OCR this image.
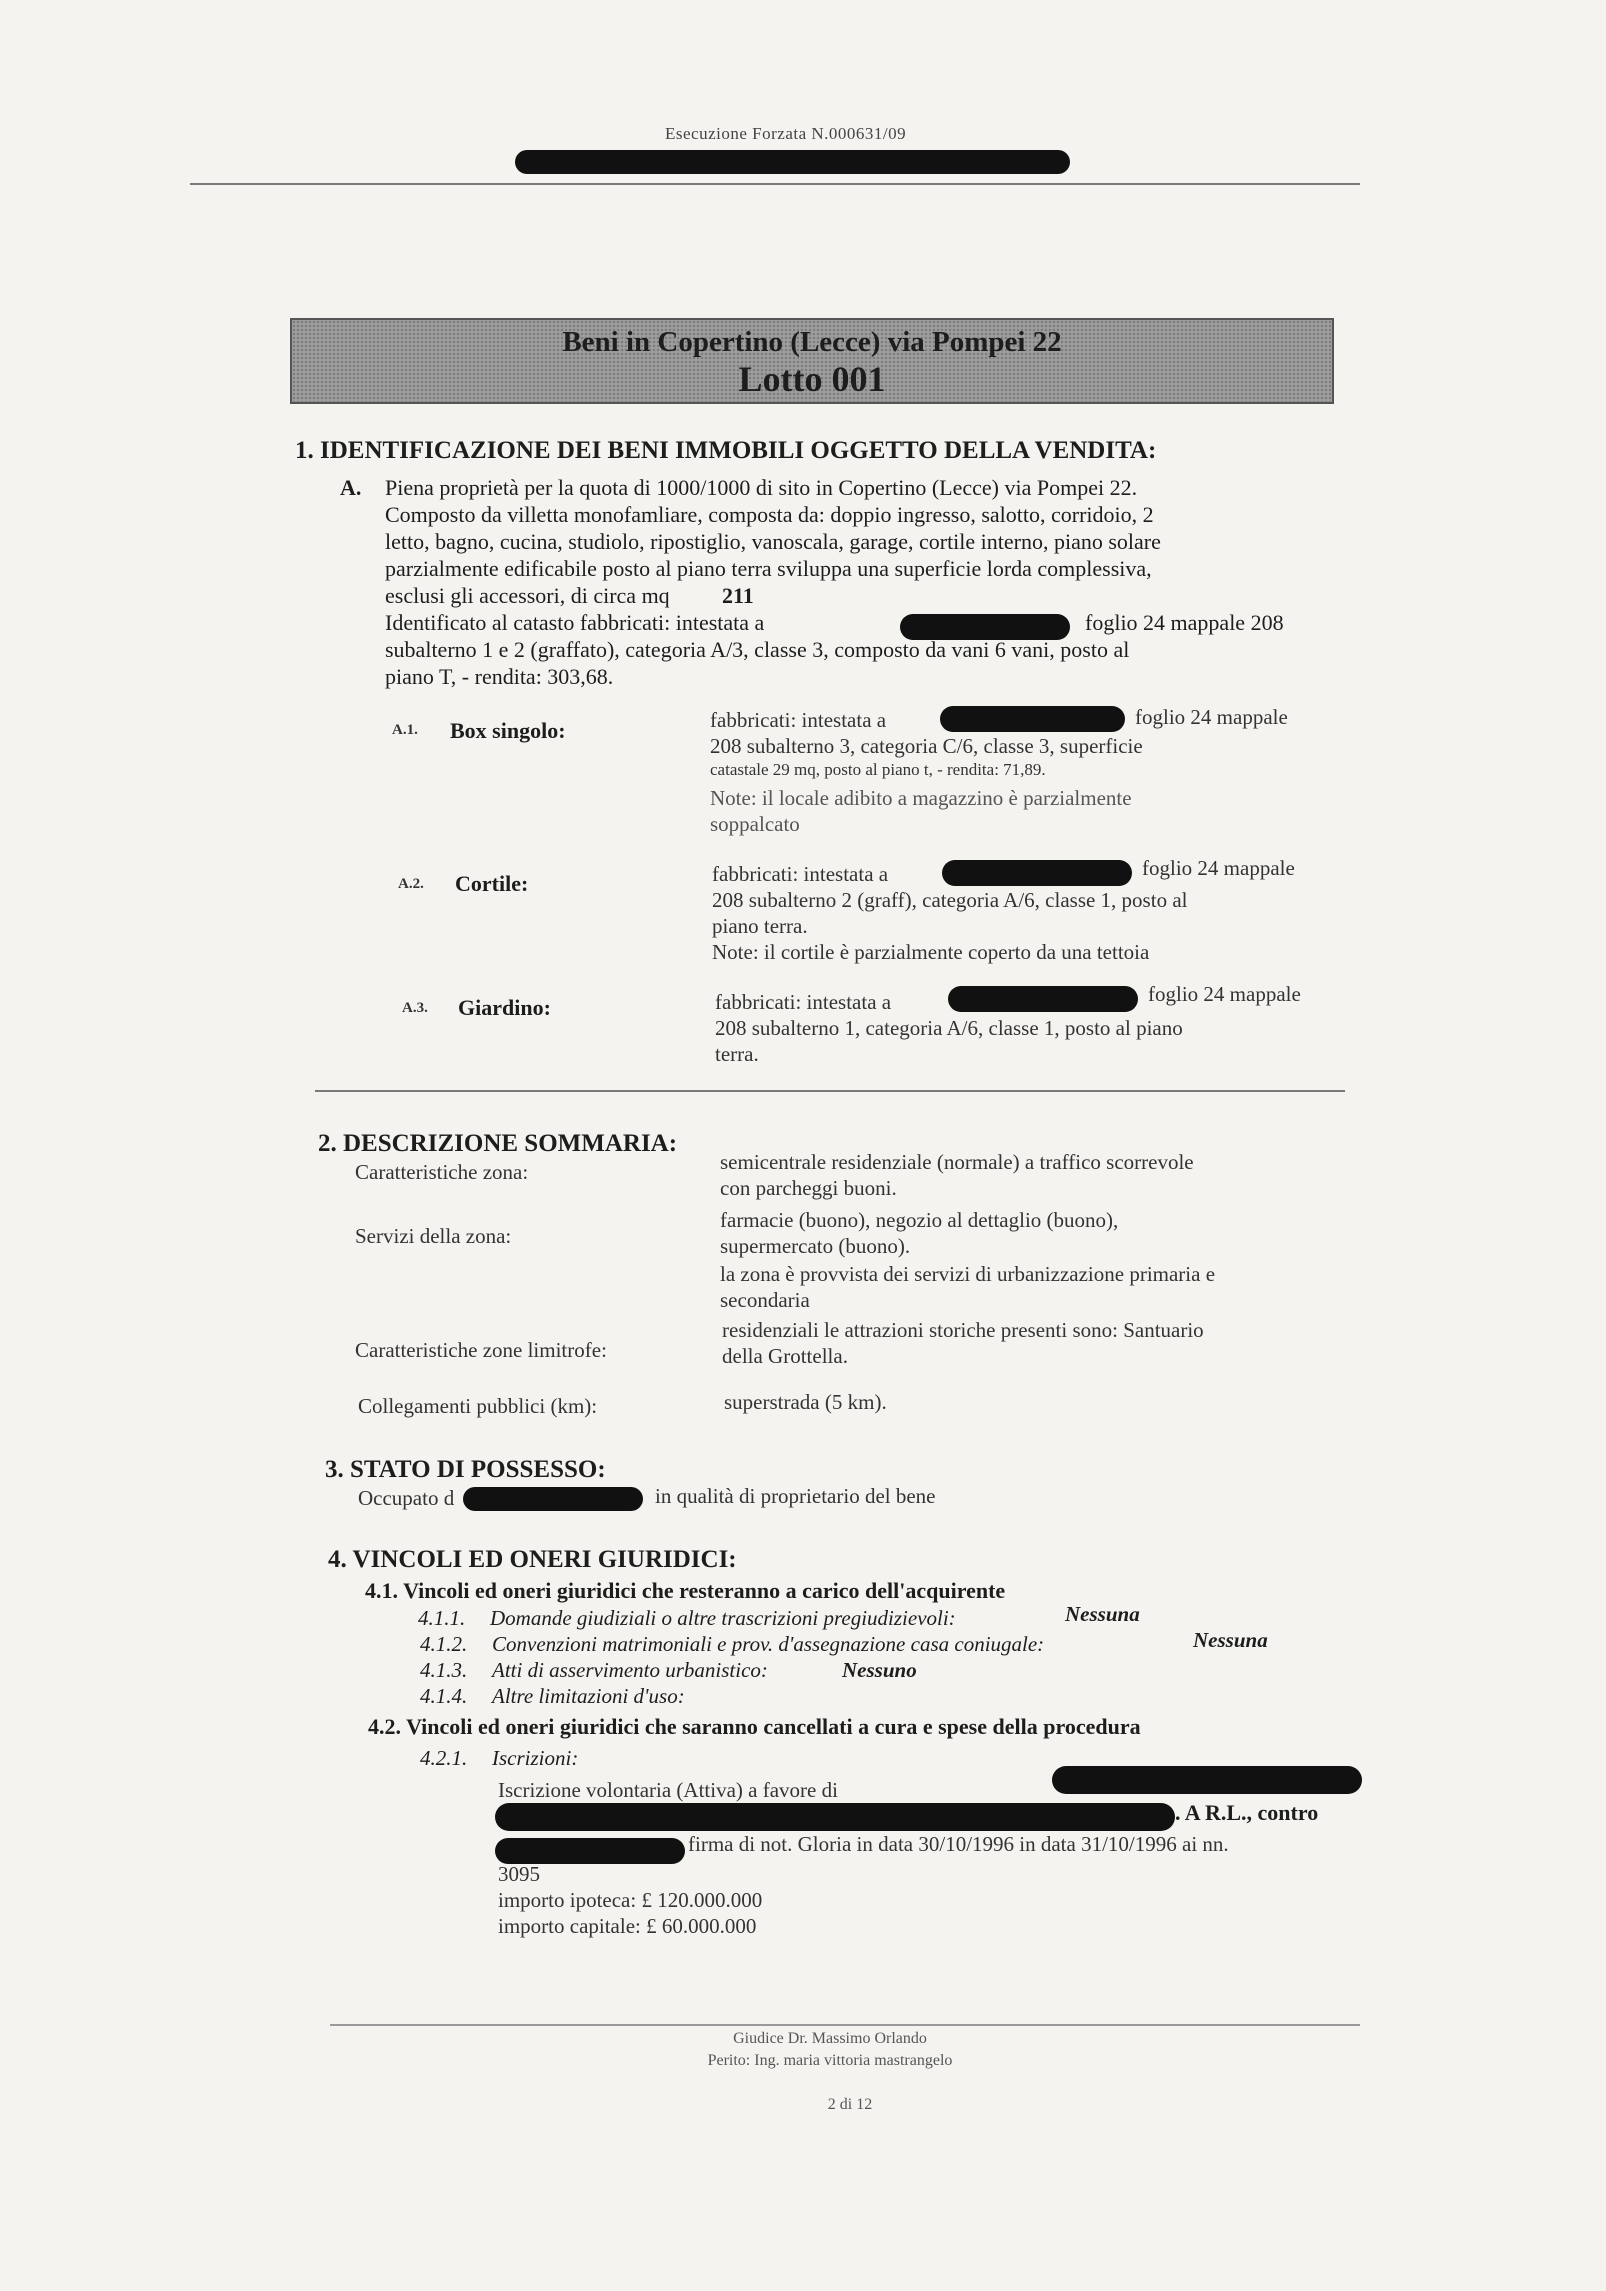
Esecuzione Forzata N.000631/09
Beni in Copertino (Lecce) via Pompei 22
Lotto 001
1. IDENTIFICAZIONE DEI BENI IMMOBILI OGGETTO DELLA VENDITA:
A. Piena proprietà per la quota di 1000/1000 di sito in Copertino (Lecce) via Pompei 22.
Composto da villetta monofamliare, composta da: doppio ingresso, salotto, corridoio, 2
letto, bagno, cucina, studiolo, ripostiglio, vanoscala, garage, cortile interno, piano solare
parzialmente edificabile posto al piano terra sviluppa una superficie lorda complessiva,
esclusi gli accessori, di circa mq 211
Identificato al catasto fabbricati: intestata a	foglio 24 mappale 208
subalterno 1 e 2 (graffato), categoria A/3, classe 3, composto da vani 6 vani, posto al
piano T, - rendita: 303,68.
A.1. Box singolo:	fabbricati: intestata a	foglio 24 mappale
208 subalterno 3, categoria C/6, classe 3, superficie
catastale 29 mq, posto al piano t, - rendita: 71,89.
Note: il locale adibito a magazzino è parzialmente
soppalcato
A.2. Cortile:	fabbricati: intestata a	foglio 24 mappale
208 subalterno 2 (graff), categoria A/6, classe 1, posto al
piano terra.
Note: il cortile è parzialmente coperto da una tettoia
A.3. Giardino:	fabbricati: intestata a	foglio 24 mappale
208 subalterno 1, categoria A/6, classe 1, posto al piano
terra.
2. DESCRIZIONE SOMMARIA:
Caratteristiche zona:	semicentrale residenziale (normale) a traffico scorrevole
con parcheggi buoni.
Servizi della zona:
farmacie (buono), negozio al dettaglio (buono),
supermercato (buono).
la zona è provvista dei servizi di urbanizzazione primaria e
secondaria
Caratteristiche zone limitrofe:
residenziali le attrazioni storiche presenti sono: Santuario
della Grottella.
Collegamenti pubblici (km):	superstrada (5 km).
3. STATO DI POSSESSO:
Occupato d	in qualità di proprietario del bene
4. VINCOLI ED ONERI GIURIDICI:
4.1. Vincoli ed oneri giuridici che resteranno a carico dell'acquirente
4.1.1. Domande giudiziali o altre trascrizioni pregiudizievoli:	Nessuna
4.1.2. Convenzioni matrimoniali e prov. d'assegnazione casa coniugale:	Nessuna
4.1.3. Atti di asservimento urbanistico:	Nessuno
4.1.4. Altre limitazioni d'uso:
4.2. Vincoli ed oneri giuridici che saranno cancellati a cura e spese della procedura
4.2.1. Iscrizioni:
Iscrizione volontaria (Attiva) a favore di
. A R.L., contro
firma di not. Gloria in data 30/10/1996 in data 31/10/1996 ai nn.
3095
importo ipoteca: £ 120.000.000
importo capitale: £ 60.000.000
Giudice Dr. Massimo Orlando
Perito: Ing. maria vittoria mastrangelo
2 di 12
